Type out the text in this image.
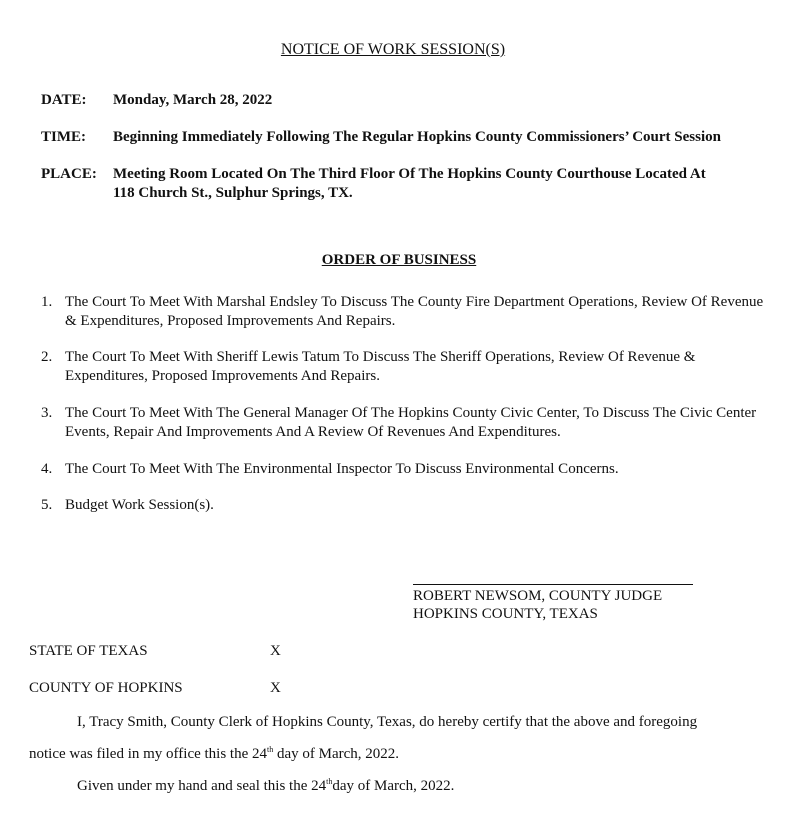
NOTICE OF WORK SESSION(S)
DATE: Monday, March 28, 2022
TIME: Beginning Immediately Following The Regular Hopkins County Commissioners’ Court Session
PLACE: Meeting Room Located On The Third Floor Of The Hopkins County Courthouse Located At
118 Church St., Sulphur Springs, TX.
ORDER OF BUSINESS
1. The Court To Meet With Marshal Endsley To Discuss The County Fire Department Operations, Review Of Revenue & Expenditures, Proposed Improvements And Repairs.
2. The Court To Meet With Sheriff Lewis Tatum To Discuss The Sheriff Operations, Review Of Revenue & Expenditures, Proposed Improvements And Repairs.
3. The Court To Meet With The General Manager Of The Hopkins County Civic Center, To Discuss The Civic Center Events, Repair And Improvements And A Review Of Revenues And Expenditures.
4. The Court To Meet With The Environmental Inspector To Discuss Environmental Concerns.
5. Budget Work Session(s).
ROBERT NEWSOM, COUNTY JUDGE
HOPKINS COUNTY, TEXAS
STATE OF TEXAS	X
COUNTY OF HOPKINS	X
I, Tracy Smith, County Clerk of Hopkins County, Texas, do hereby certify that the above and foregoing
notice was filed in my office this the 24th day of March, 2022.
Given under my hand and seal this the 24thday of March, 2022.
